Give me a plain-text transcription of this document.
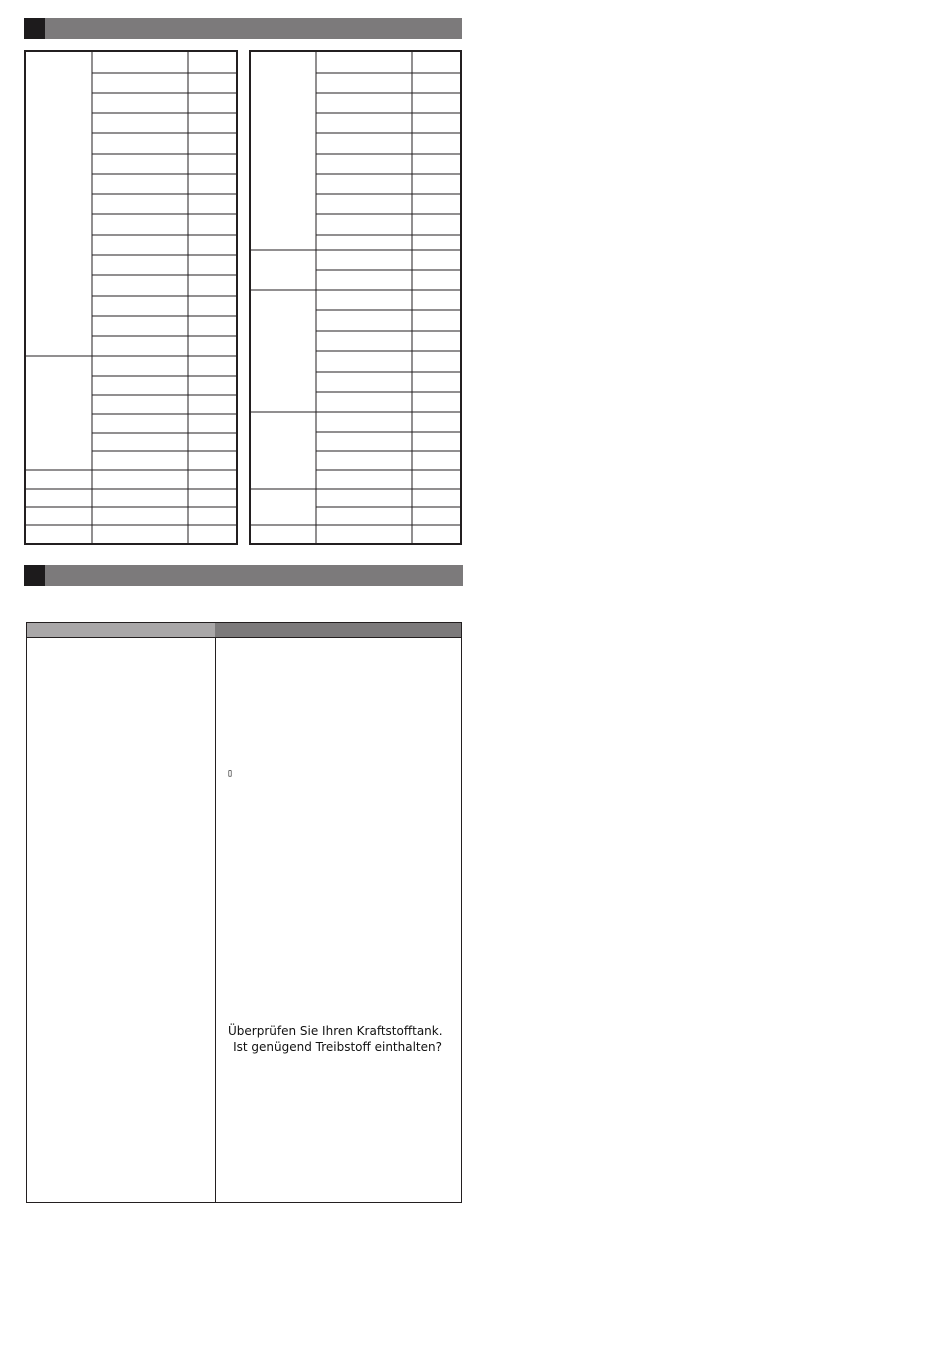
▯
Überprüfen Sie Ihren Kraftstofftank.
Ist genügend Treibstoff einthalten?
